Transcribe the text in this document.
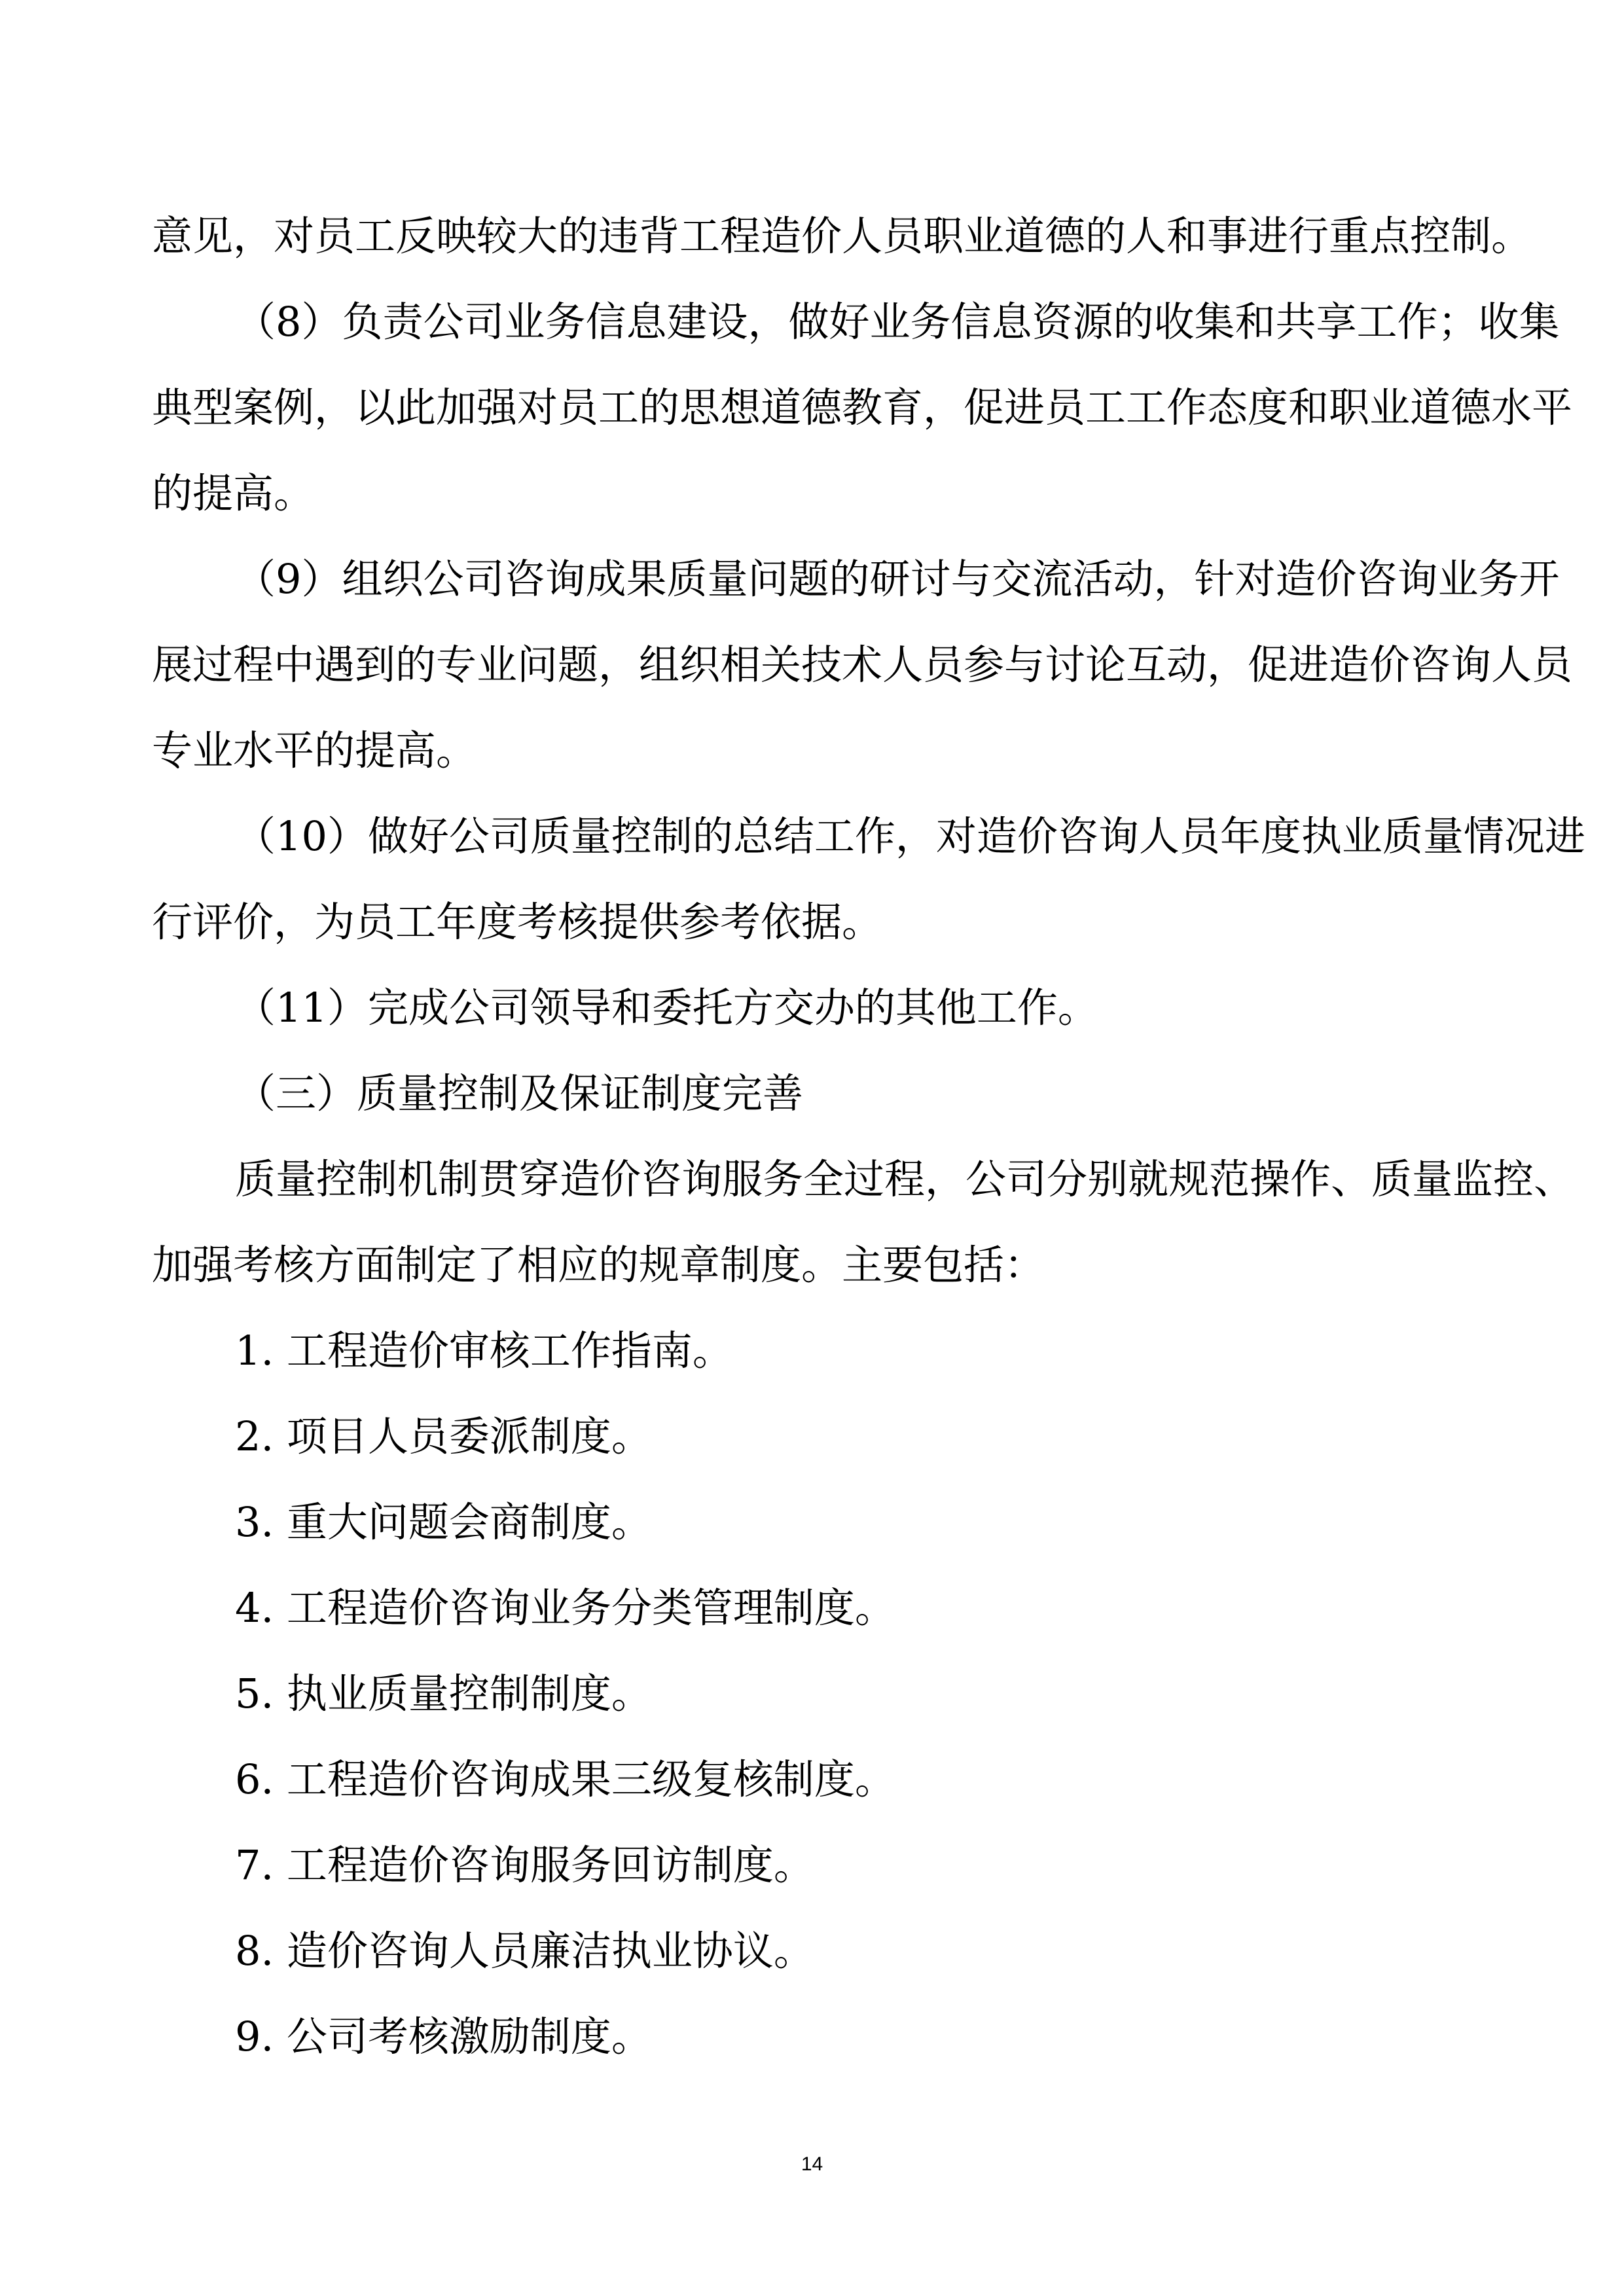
意见，对员工反映较大的违背工程造价人员职业道德的人和事进行重点控制。
（8）负责公司业务信息建设，做好业务信息资源的收集和共享工作；收集
典型案例，以此加强对员工的思想道德教育，促进员工工作态度和职业道德水平
的提高。
（9）组织公司咨询成果质量问题的研讨与交流活动，针对造价咨询业务开
展过程中遇到的专业问题，组织相关技术人员参与讨论互动，促进造价咨询人员
专业水平的提高。
（10）做好公司质量控制的总结工作，对造价咨询人员年度执业质量情况进
行评价，为员工年度考核提供参考依据。
（11）完成公司领导和委托方交办的其他工作。
（三）质量控制及保证制度完善
质量控制机制贯穿造价咨询服务全过程，公司分别就规范操作、质量监控、
加强考核方面制定了相应的规章制度。主要包括：
1. 工程造价审核工作指南。
2. 项目人员委派制度。
3. 重大问题会商制度。
4. 工程造价咨询业务分类管理制度。
5. 执业质量控制制度。
6. 工程造价咨询成果三级复核制度。
7. 工程造价咨询服务回访制度。
8. 造价咨询人员廉洁执业协议。
9. 公司考核激励制度。
14
